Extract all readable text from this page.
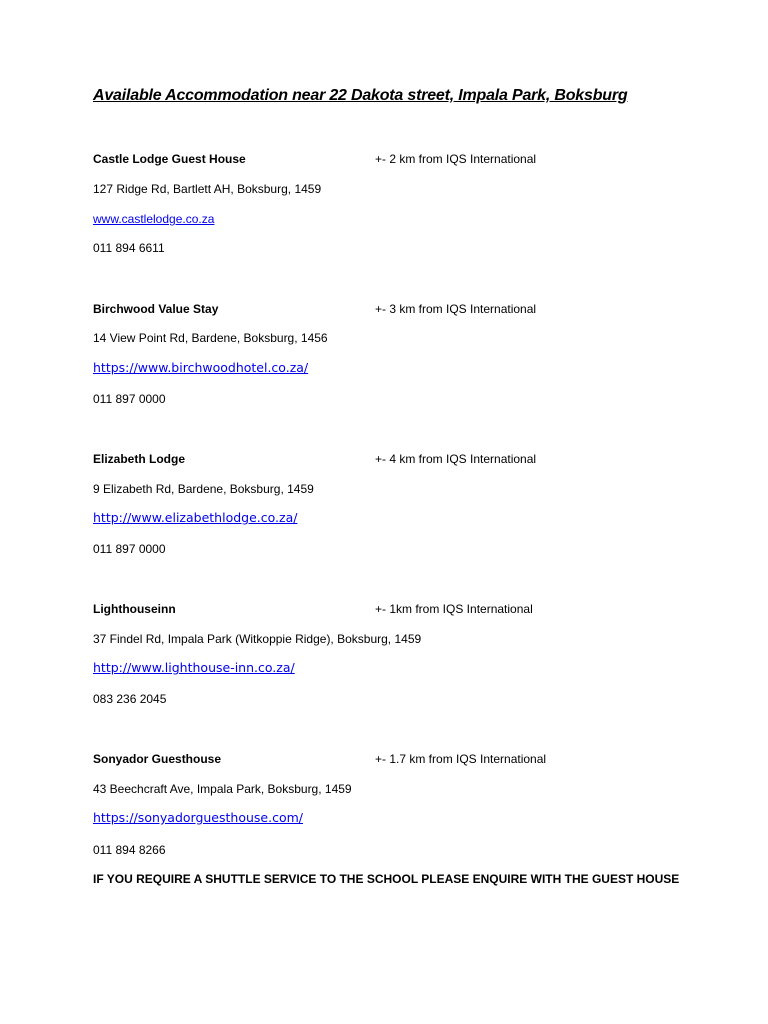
Available Accommodation near 22 Dakota street, Impala Park, Boksburg
Castle Lodge Guest House	+- 2 km from IQS International
127 Ridge Rd, Bartlett AH, Boksburg, 1459
www.castlelodge.co.za
011 894 6611
Birchwood Value Stay	+- 3 km from IQS International
14 View Point Rd, Bardene, Boksburg, 1456
https://www.birchwoodhotel.co.za/
011 897 0000
Elizabeth Lodge	+- 4 km from IQS International
9 Elizabeth Rd, Bardene, Boksburg, 1459
http://www.elizabethlodge.co.za/
011 897 0000
Lighthouseinn	+- 1km from IQS International
37 Findel Rd, Impala Park (Witkoppie Ridge), Boksburg, 1459
http://www.lighthouse-inn.co.za/
083 236 2045
Sonyador Guesthouse	+- 1.7 km from IQS International
43 Beechcraft Ave, Impala Park, Boksburg, 1459
https://sonyadorguesthouse.com/
011 894 8266
IF YOU REQUIRE A SHUTTLE SERVICE TO THE SCHOOL PLEASE ENQUIRE WITH THE GUEST HOUSE
